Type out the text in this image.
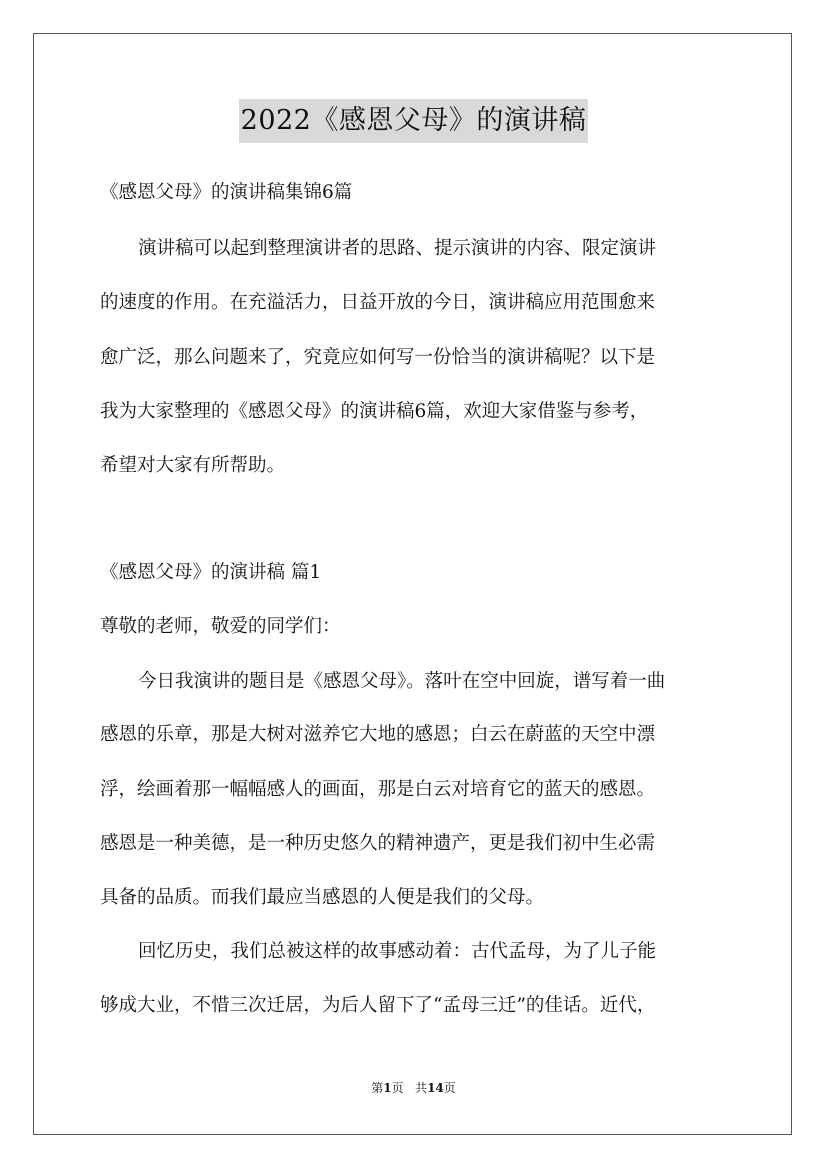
2022《感恩父母》的演讲稿
《感恩父母》的演讲稿集锦6篇
演讲稿可以起到整理演讲者的思路、提示演讲的内容、限定演讲
的速度的作用。在充溢活力，日益开放的今日，演讲稿应用范围愈来
愈广泛，那么问题来了，究竟应如何写一份恰当的演讲稿呢？以下是
我为大家整理的《感恩父母》的演讲稿6篇，欢迎大家借鉴与参考，
希望对大家有所帮助。
《感恩父母》的演讲稿 篇1
尊敬的老师，敬爱的同学们：
今日我演讲的题目是《感恩父母》。落叶在空中回旋，谱写着一曲
感恩的乐章，那是大树对滋养它大地的感恩；白云在蔚蓝的天空中漂
浮，绘画着那一幅幅感人的画面，那是白云对培育它的蓝天的感恩。
感恩是一种美德，是一种历史悠久的精神遗产，更是我们初中生必需
具备的品质。而我们最应当感恩的人便是我们的父母。
回忆历史，我们总被这样的故事感动着：古代孟母，为了儿子能
够成大业，不惜三次迁居，为后人留下了“孟母三迁”的佳话。近代，
第1页 共14页
